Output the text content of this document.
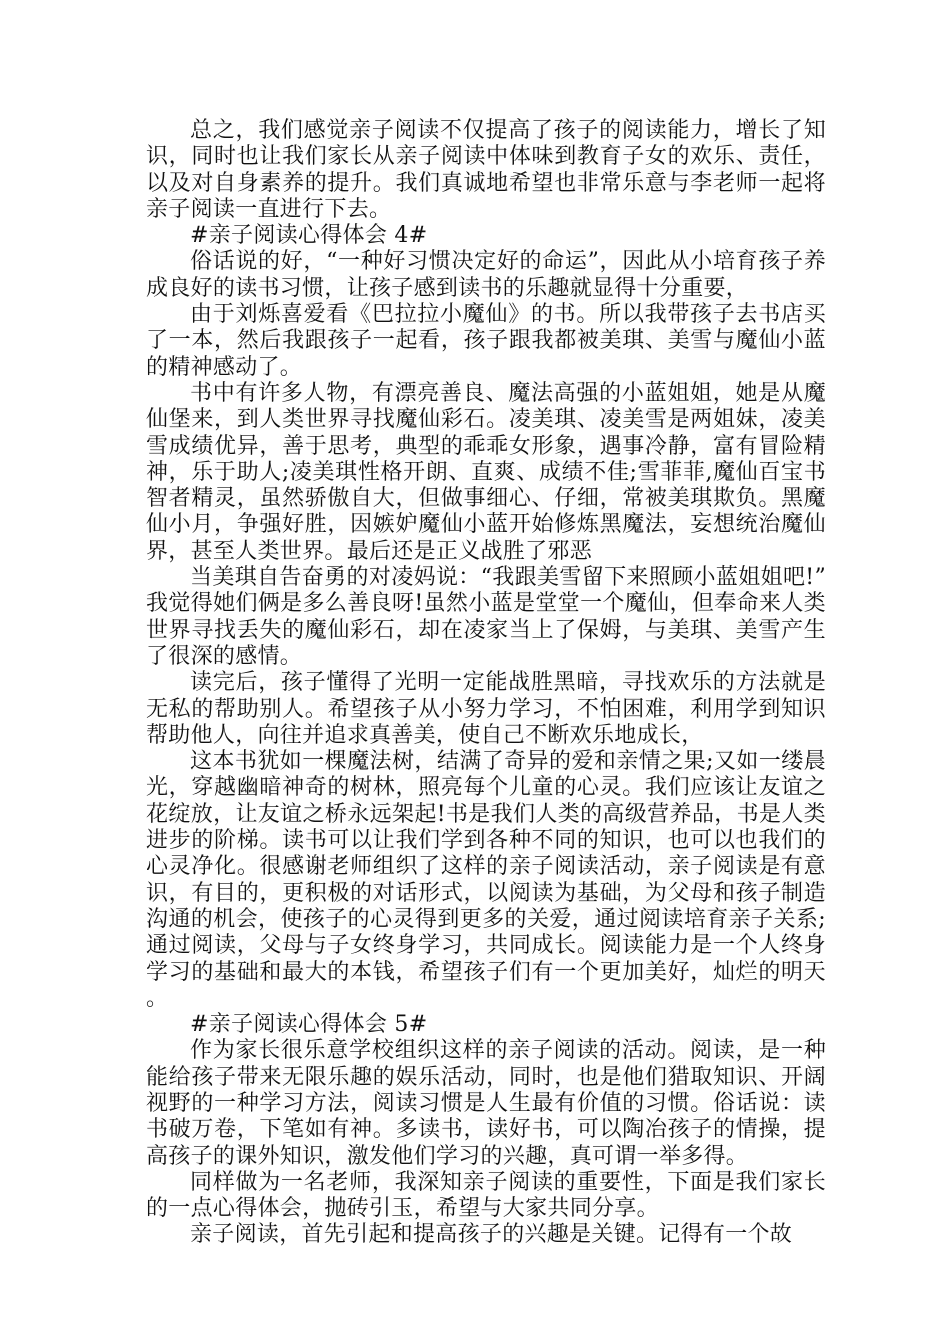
总之，我们感觉亲子阅读不仅提高了孩子的阅读能力，增长了知识，同时也让我们家长从亲子阅读中体味到教育子女的欢乐、责任，以及对自身素养的提升。我们真诚地希望也非常乐意与李老师一起将亲子阅读一直进行下去。

#亲子阅读心得体会 4#

俗话说的好，“一种好习惯决定好的命运”，因此从小培育孩子养成良好的读书习惯，让孩子感到读书的乐趣就显得十分重要，

由于刘烁喜爱看《巴拉拉小魔仙》的书。所以我带孩子去书店买了一本，然后我跟孩子一起看，孩子跟我都被美琪、美雪与魔仙小蓝的精神感动了。

书中有许多人物，有漂亮善良、魔法高强的小蓝姐姐，她是从魔仙堡来，到人类世界寻找魔仙彩石。凌美琪、凌美雪是两姐妹，凌美雪成绩优异，善于思考，典型的乖乖女形象，遇事冷静，富有冒险精神，乐于助人;凌美琪性格开朗、直爽、成绩不佳;雪菲菲,魔仙百宝书智者精灵，虽然骄傲自大，但做事细心、仔细，常被美琪欺负。黑魔仙小月，争强好胜，因嫉妒魔仙小蓝开始修炼黑魔法，妄想统治魔仙界，甚至人类世界。最后还是正义战胜了邪恶

当美琪自告奋勇的对凌妈说：“我跟美雪留下来照顾小蓝姐姐吧!”我觉得她们俩是多么善良呀!虽然小蓝是堂堂一个魔仙，但奉命来人类世界寻找丢失的魔仙彩石，却在凌家当上了保姆，与美琪、美雪产生了很深的感情。

读完后，孩子懂得了光明一定能战胜黑暗，寻找欢乐的方法就是无私的帮助别人。希望孩子从小努力学习，不怕困难，利用学到知识帮助他人，向往并追求真善美，使自己不断欢乐地成长，

这本书犹如一棵魔法树，结满了奇异的爱和亲情之果;又如一缕晨光，穿越幽暗神奇的树林，照亮每个儿童的心灵。我们应该让友谊之花绽放，让友谊之桥永远架起!书是我们人类的高级营养品，书是人类进步的阶梯。读书可以让我们学到各种不同的知识，也可以也我们的心灵净化。很感谢老师组织了这样的亲子阅读活动，亲子阅读是有意识，有目的，更积极的对话形式，以阅读为基础，为父母和孩子制造沟通的机会，使孩子的心灵得到更多的关爱，通过阅读培育亲子关系;通过阅读，父母与子女终身学习，共同成长。阅读能力是一个人终身学习的基础和最大的本钱，希望孩子们有一个更加美好，灿烂的明天。

#亲子阅读心得体会 5#

作为家长很乐意学校组织这样的亲子阅读的活动。阅读，是一种能给孩子带来无限乐趣的娱乐活动，同时，也是他们猎取知识、开阔视野的一种学习方法，阅读习惯是人生最有价值的习惯。俗话说：读书破万卷，下笔如有神。多读书，读好书，可以陶冶孩子的情操，提高孩子的课外知识，激发他们学习的兴趣，真可谓一举多得。

同样做为一名老师，我深知亲子阅读的重要性，下面是我们家长的一点心得体会，抛砖引玉，希望与大家共同分享。

亲子阅读，首先引起和提高孩子的兴趣是关键。记得有一个故
